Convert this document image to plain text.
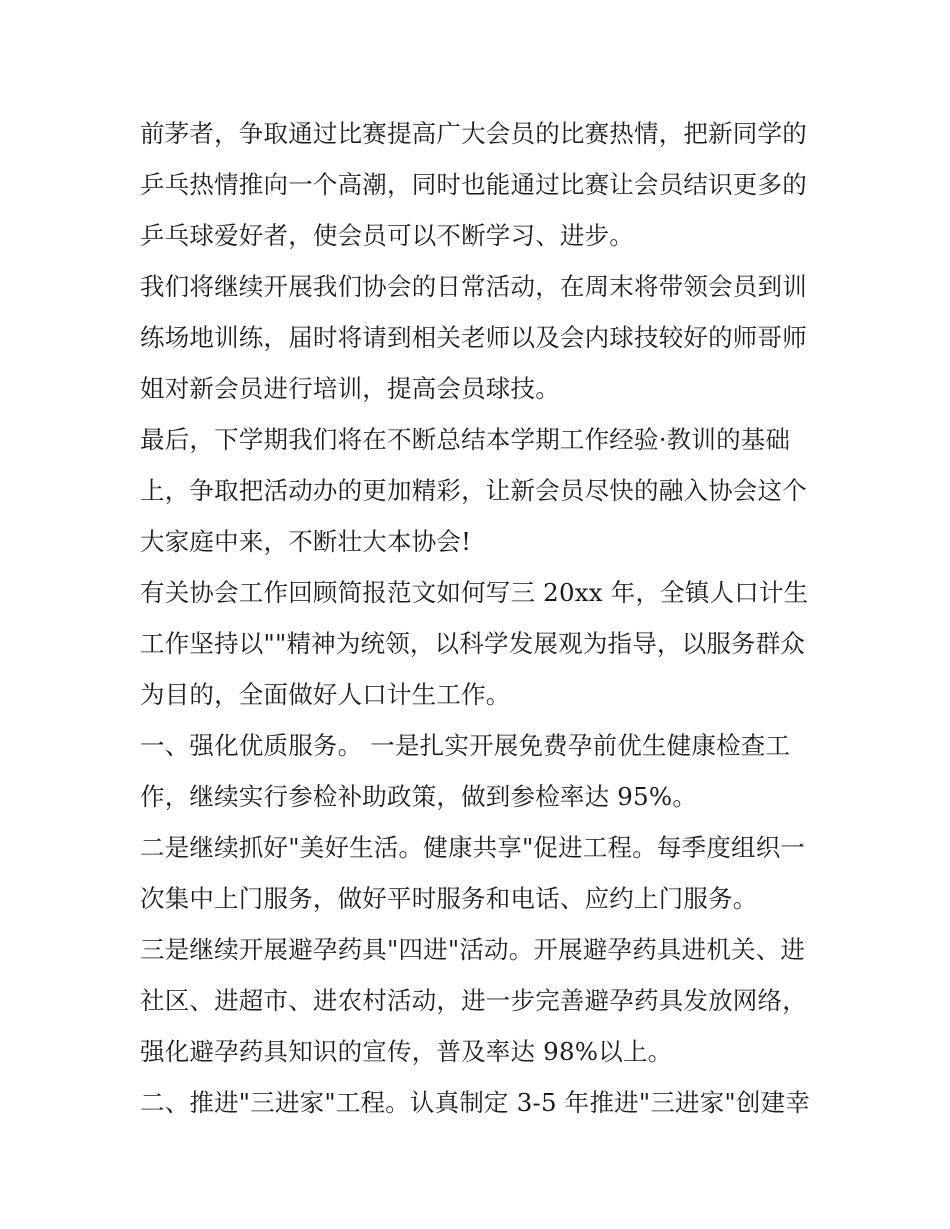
前茅者，争取通过比赛提高广大会员的比赛热情，把新同学的
乒乓热情推向一个高潮，同时也能通过比赛让会员结识更多的
乒乓球爱好者，使会员可以不断学习、进步。
我们将继续开展我们协会的日常活动，在周末将带领会员到训
练场地训练，届时将请到相关老师以及会内球技较好的师哥师
姐对新会员进行培训，提高会员球技。
最后，下学期我们将在不断总结本学期工作经验·教训的基础
上，争取把活动办的更加精彩，让新会员尽快的融入协会这个
大家庭中来，不断壮大本协会!
有关协会工作回顾简报范文如何写三 20xx 年，全镇人口计生
工作坚持以""精神为统领，以科学发展观为指导，以服务群众
为目的，全面做好人口计生工作。
一、强化优质服务。 一是扎实开展免费孕前优生健康检查工
作，继续实行参检补助政策，做到参检率达 95%。
二是继续抓好"美好生活。健康共享"促进工程。每季度组织一
次集中上门服务，做好平时服务和电话、应约上门服务。
三是继续开展避孕药具"四进"活动。开展避孕药具进机关、进
社区、进超市、进农村活动，进一步完善避孕药具发放网络，
强化避孕药具知识的宣传，普及率达 98%以上。
二、推进"三进家"工程。认真制定 3-5 年推进"三进家"创建幸
